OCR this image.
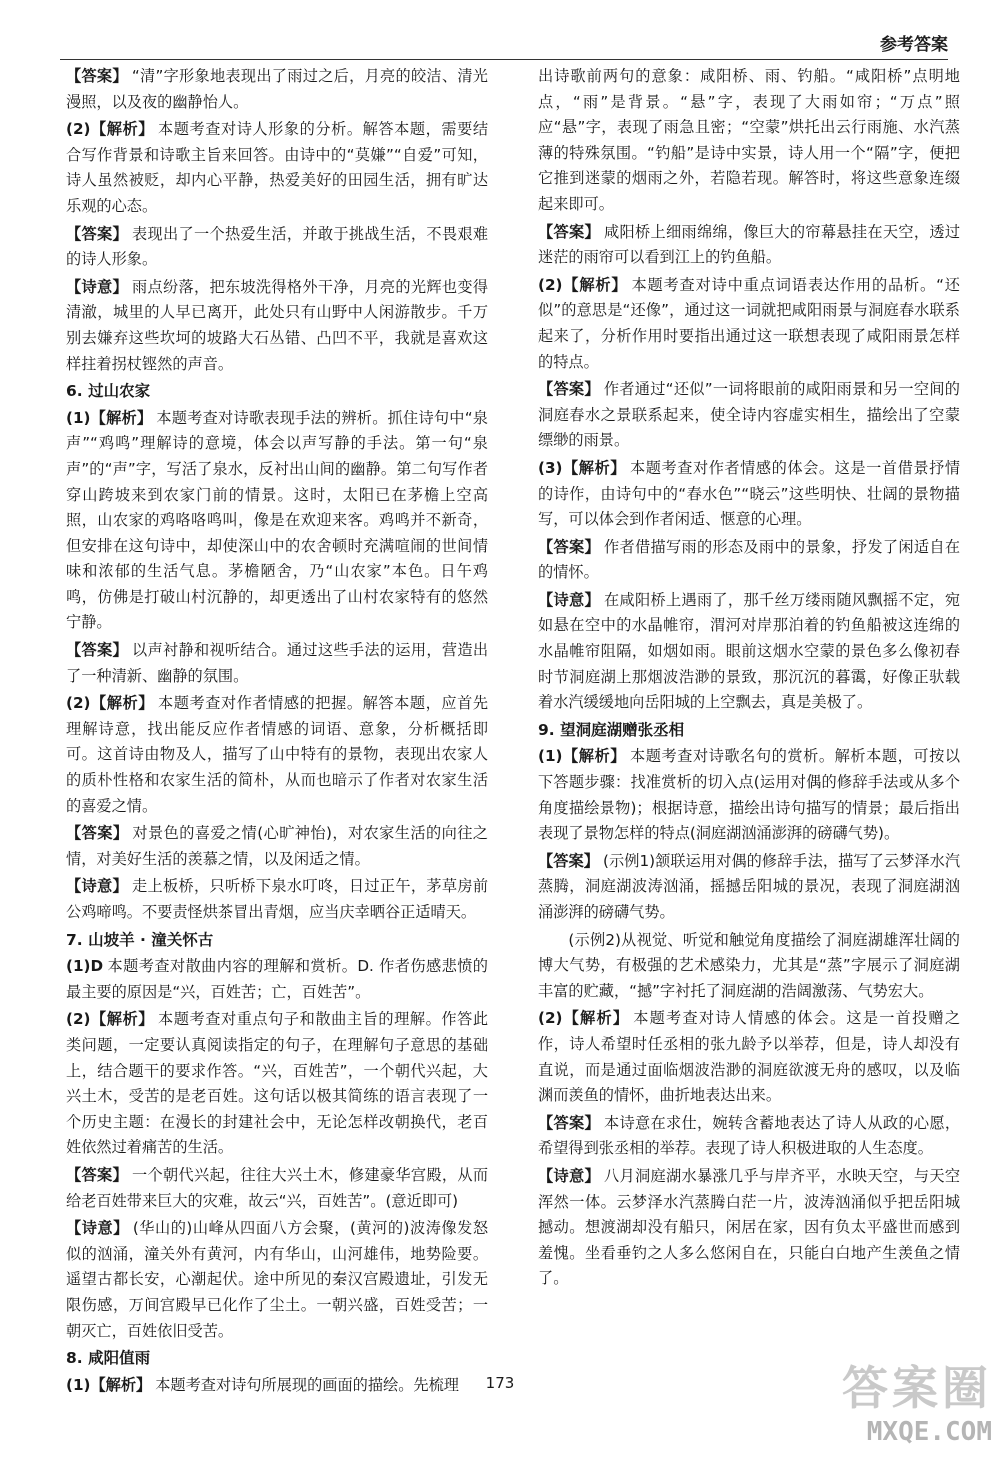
参考答案

【答案】 “清”字形象地表现出了雨过之后，月亮的皎洁、清光漫照，以及夜的幽静怡人。

(2)【解析】 本题考查对诗人形象的分析。解答本题，需要结合写作背景和诗歌主旨来回答。由诗中的“莫嫌”“自爱”可知，诗人虽然被贬，却内心平静，热爱美好的田园生活，拥有旷达乐观的心态。

【答案】 表现出了一个热爱生活，并敢于挑战生活，不畏艰难的诗人形象。

【诗意】 雨点纷落，把东坡洗得格外干净，月亮的光辉也变得清澈，城里的人早已离开，此处只有山野中人闲游散步。千万别去嫌弃这些坎坷的坡路大石丛错、凸凹不平，我就是喜欢这样拄着拐杖铿然的声音。

6. 过山农家

(1)【解析】 本题考查对诗歌表现手法的辨析。抓住诗句中“泉声”“鸡鸣”理解诗的意境，体会以声写静的手法。第一句“泉声”的“声”字，写活了泉水，反衬出山间的幽静。第二句写作者穿山跨坡来到农家门前的情景。这时，太阳已在茅檐上空高照，山农家的鸡咯咯鸣叫，像是在欢迎来客。鸡鸣并不新奇，但安排在这句诗中，却使深山中的农舍顿时充满喧闹的世间情味和浓郁的生活气息。茅檐陋舍，乃“山农家”本色。日午鸡鸣，仿佛是打破山村沉静的，却更透出了山村农家特有的悠然宁静。

【答案】 以声衬静和视听结合。通过这些手法的运用，营造出了一种清新、幽静的氛围。

(2)【解析】 本题考查对作者情感的把握。解答本题，应首先理解诗意，找出能反应作者情感的词语、意象，分析概括即可。这首诗由物及人，描写了山中特有的景物，表现出农家人的质朴性格和农家生活的简朴，从而也暗示了作者对农家生活的喜爱之情。

【答案】 对景色的喜爱之情(心旷神怡)，对农家生活的向往之情，对美好生活的羡慕之情，以及闲适之情。

【诗意】 走上板桥，只听桥下泉水叮咚，日过正午，茅草房前公鸡啼鸣。不要责怪烘茶冒出青烟，应当庆幸晒谷正适晴天。

7. 山坡羊 · 潼关怀古

(1)D 本题考查对散曲内容的理解和赏析。D. 作者伤感悲愤的最主要的原因是“兴，百姓苦；亡，百姓苦”。

(2)【解析】 本题考查对重点句子和散曲主旨的理解。作答此类问题，一定要认真阅读指定的句子，在理解句子意思的基础上，结合题干的要求作答。“兴，百姓苦”，一个朝代兴起，大兴土木，受苦的是老百姓。这句话以极其简练的语言表现了一个历史主题：在漫长的封建社会中，无论怎样改朝换代，老百姓依然过着痛苦的生活。

【答案】 一个朝代兴起，往往大兴土木，修建豪华宫殿，从而给老百姓带来巨大的灾难，故云“兴，百姓苦”。(意近即可)

【诗意】 (华山的)山峰从四面八方会聚，(黄河的)波涛像发怒似的汹涌，潼关外有黄河，内有华山，山河雄伟，地势险要。遥望古都长安，心潮起伏。途中所见的秦汉宫殿遗址，引发无限伤感，万间宫殿早已化作了尘土。一朝兴盛，百姓受苦；一朝灭亡，百姓依旧受苦。

8. 咸阳值雨

(1)【解析】 本题考查对诗句所展现的画面的描绘。先梳理

出诗歌前两句的意象：咸阳桥、雨、钓船。“咸阳桥”点明地点，“雨”是背景。“悬”字，表现了大雨如帘；“万点”照应“悬”字，表现了雨急且密；“空蒙”烘托出云行雨施、水汽蒸薄的特殊氛围。“钓船”是诗中实景，诗人用一个“隔”字，便把它推到迷蒙的烟雨之外，若隐若现。解答时，将这些意象连缀起来即可。

【答案】 咸阳桥上细雨绵绵，像巨大的帘幕悬挂在天空，透过迷茫的雨帘可以看到江上的钓鱼船。

(2)【解析】 本题考查对诗中重点词语表达作用的品析。“还似”的意思是“还像”，通过这一词就把咸阳雨景与洞庭春水联系起来了，分析作用时要指出通过这一联想表现了咸阳雨景怎样的特点。

【答案】 作者通过“还似”一词将眼前的咸阳雨景和另一空间的洞庭春水之景联系起来，使全诗内容虚实相生，描绘出了空蒙缥缈的雨景。

(3)【解析】 本题考查对作者情感的体会。这是一首借景抒情的诗作，由诗句中的“春水色”“晓云”这些明快、壮阔的景物描写，可以体会到作者闲适、惬意的心理。

【答案】 作者借描写雨的形态及雨中的景象，抒发了闲适自在的情怀。

【诗意】 在咸阳桥上遇雨了，那千丝万缕雨随风飘摇不定，宛如悬在空中的水晶帷帘，渭河对岸那泊着的钓鱼船被这连绵的水晶帷帘阻隔，如烟如雨。眼前这烟水空蒙的景色多么像初春时节洞庭湖上那烟波浩渺的景致，那沉沉的暮霭，好像正驮载着水汽缓缓地向岳阳城的上空飘去，真是美极了。

9. 望洞庭湖赠张丞相

(1)【解析】 本题考查对诗歌名句的赏析。解析本题，可按以下答题步骤：找准赏析的切入点(运用对偶的修辞手法或从多个角度描绘景物)；根据诗意，描绘出诗句描写的情景；最后指出表现了景物怎样的特点(洞庭湖汹涌澎湃的磅礴气势)。

【答案】 (示例1)颔联运用对偶的修辞手法，描写了云梦泽水汽蒸腾，洞庭湖波涛汹涌，摇撼岳阳城的景况，表现了洞庭湖汹涌澎湃的磅礴气势。

(示例2)从视觉、听觉和触觉角度描绘了洞庭湖雄浑壮阔的博大气势，有极强的艺术感染力，尤其是“蒸”字展示了洞庭湖丰富的贮藏，“撼”字衬托了洞庭湖的浩阔激荡、气势宏大。

(2)【解析】 本题考查对诗人情感的体会。这是一首投赠之作，诗人希望时任丞相的张九龄予以举荐，但是，诗人却没有直说，而是通过面临烟波浩渺的洞庭欲渡无舟的感叹，以及临渊而羡鱼的情怀，曲折地表达出来。

【答案】 本诗意在求仕，婉转含蓄地表达了诗人从政的心愿，希望得到张丞相的举荐。表现了诗人积极进取的人生态度。

【诗意】 八月洞庭湖水暴涨几乎与岸齐平，水映天空，与天空浑然一体。云梦泽水汽蒸腾白茫一片，波涛汹涌似乎把岳阳城撼动。想渡湖却没有船只，闲居在家，因有负太平盛世而感到羞愧。坐看垂钓之人多么悠闲自在，只能白白地产生羡鱼之情了。

173	答案圈
MXQE.COM
